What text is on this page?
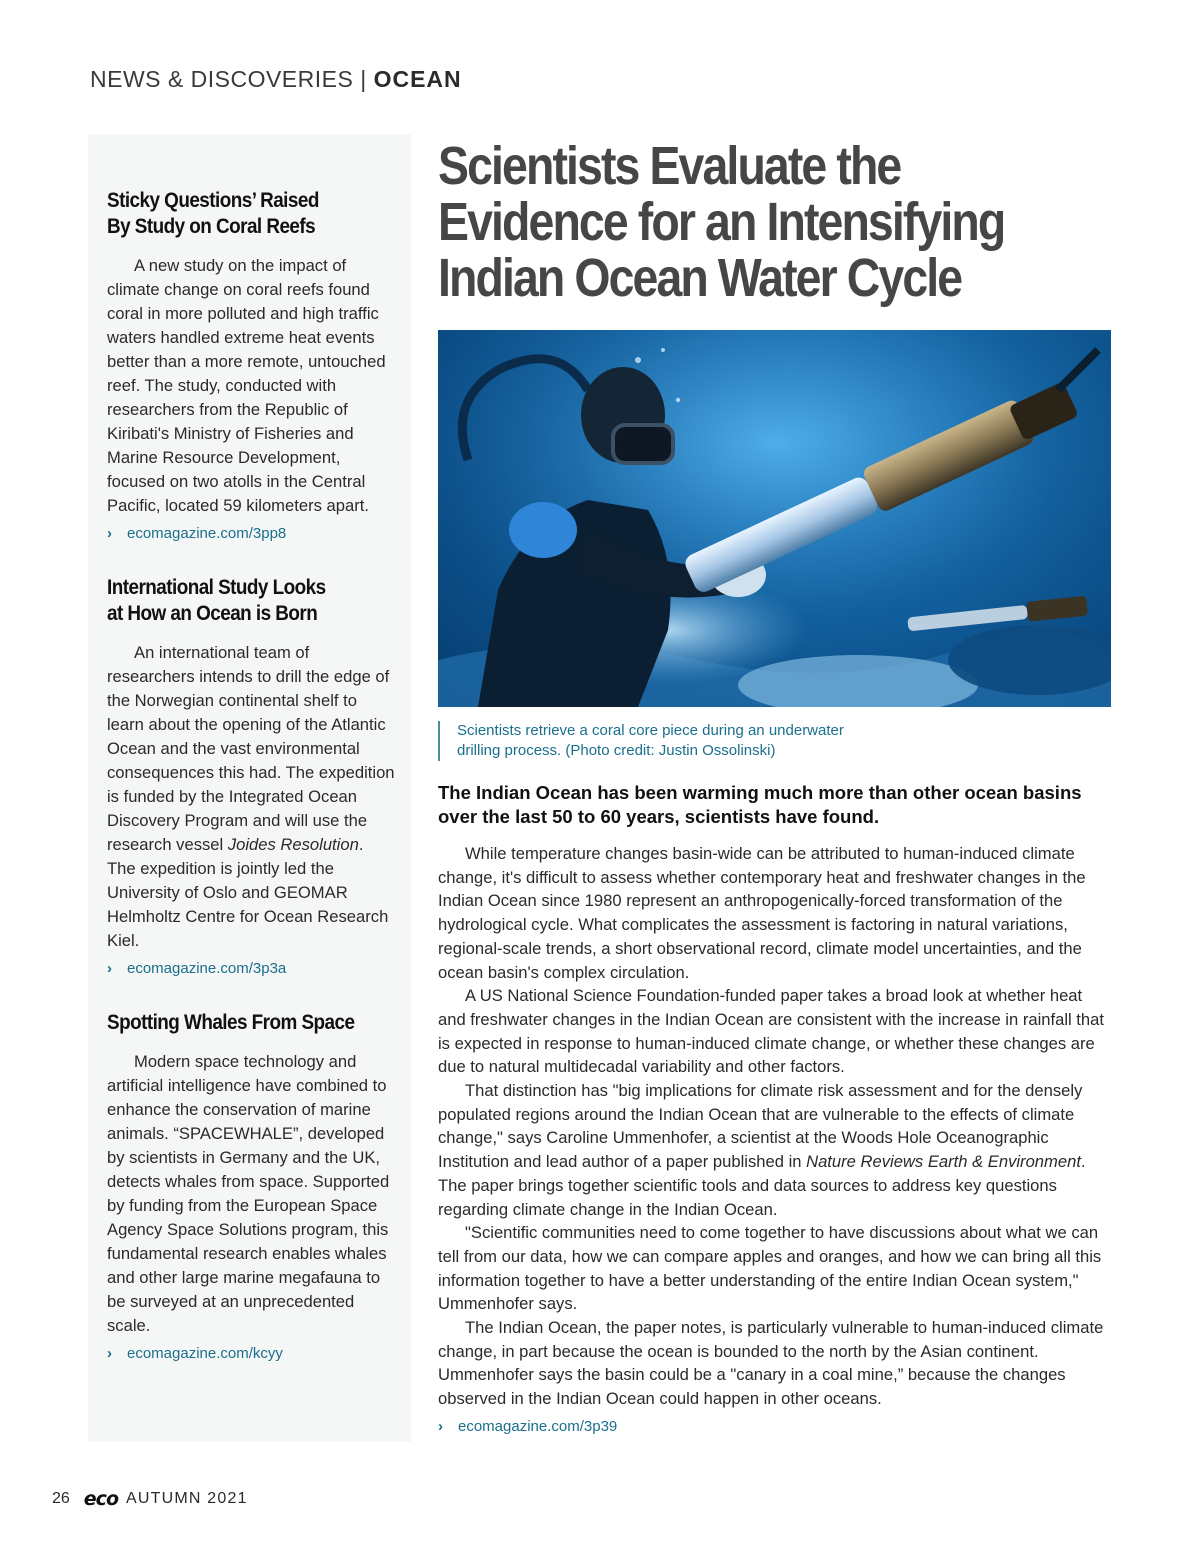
NEWS & DISCOVERIES | OCEAN
Sticky Questions’ Raised
By Study on Coral Reefs

A new study on the impact of climate change on coral reefs found coral in more polluted and high traffic waters handled extreme heat events better than a more remote, untouched reef. The study, conducted with researchers from the Republic of Kiribati's Ministry of Fisheries and Marine Resource Development, focused on two atolls in the Central Pacific, located 59 kilometers apart.

›	ecomagazine.com/3pp8
International Study Looks
at How an Ocean is Born

An international team of researchers intends to drill the edge of the Norwegian continental shelf to learn about the opening of the Atlantic Ocean and the vast environmental consequences this had. The expedition is funded by the Integrated Ocean Discovery Program and will use the research vessel Joides Resolution. The expedition is jointly led the University of Oslo and GEOMAR Helmholtz Centre for Ocean Research Kiel.

›	ecomagazine.com/3p3a
Spotting Whales From Space

Modern space technology and artificial intelligence have combined to enhance the conservation of marine animals. “SPACEWHALE”, developed by scientists in Germany and the UK, detects whales from space. Supported by funding from the European Space Agency Space Solutions program, this fundamental research enables whales and other large marine megafauna to be surveyed at an unprecedented scale.

›	ecomagazine.com/kcyy
Scientists Evaluate the
Evidence for an Intensifying
Indian Ocean Water Cycle
Scientists retrieve a coral core piece during an underwater
drilling process. (Photo credit: Justin Ossolinski)
The Indian Ocean has been warming much more than other ocean basins over the last 50 to 60 years, scientists have found.

While temperature changes basin-wide can be attributed to human-induced climate change, it's difficult to assess whether contemporary heat and freshwater changes in the Indian Ocean since 1980 represent an anthropogenically-forced transformation of the hydrological cycle. What complicates the assessment is factoring in natural variations, regional-scale trends, a short observational record, climate model uncertainties, and the ocean basin's complex circulation.

A US National Science Foundation-funded paper takes a broad look at whether heat and freshwater changes in the Indian Ocean are consistent with the increase in rainfall that is expected in response to human-induced climate change, or whether these changes are due to natural multidecadal variability and other factors.

That distinction has "big implications for climate risk assessment and for the densely populated regions around the Indian Ocean that are vulnerable to the effects of climate change," says Caroline Ummenhofer, a scientist at the Woods Hole Oceanographic Institution and lead author of a paper published in Nature Reviews Earth & Environment. The paper brings together scientific tools and data sources to address key questions regarding climate change in the Indian Ocean.

"Scientific communities need to come together to have discussions about what we can tell from our data, how we can compare apples and oranges, and how we can bring all this information together to have a better understanding of the entire Indian Ocean system," Ummenhofer says.

The Indian Ocean, the paper notes, is particularly vulnerable to human-induced climate change, in part because the ocean is bounded to the north by the Asian continent. Ummenhofer says the basin could be a "canary in a coal mine,” because the changes observed in the Indian Ocean could happen in other oceans.

›	ecomagazine.com/3p39
26 eco AUTUMN 2021
